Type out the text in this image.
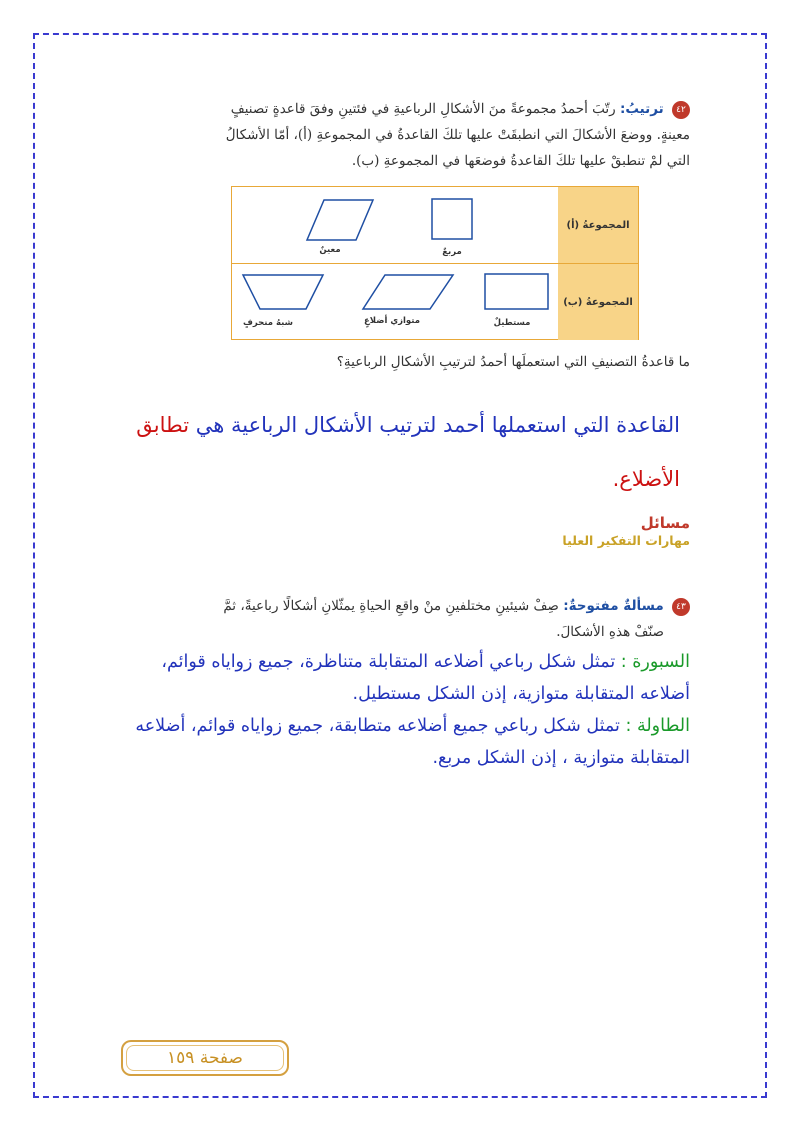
٤٢ ترتيبُ: رتّبَ أحمدُ مجموعةً منَ الأشكالِ الرباعيةِ في فئتينِ وفقَ قاعدةٍ تصنيفٍ
معينةٍ. ووضعَ الأشكالَ التي انطبقَتْ عليها تلكَ القاعدةُ في المجموعةِ (أ)، أمّا الأشكالُ
التي لمْ تنطبقْ عليها تلكَ القاعدةُ فوضعَها في المجموعةِ (ب).
المجموعةُ (أ)
مربعٌ
معينٌ
المجموعةُ (ب)
مستطيلٌ
متوازي أضلاعٍ
شبهُ منحرفٍ
ما قاعدةُ التصنيفِ التي استعملَها أحمدُ لترتيبِ الأشكالِ الرباعيةِ؟
القاعدة التي استعملها أحمد لترتيب الأشكال الرباعية هي تطابق الأضلاع.
مسائل
مهارات التفكير العليا
٤٣ مسألةٌ مفتوحةٌ: صِفْ شيئينِ مختلفينِ منْ واقعِ الحياةِ يمثّلانِ أشكالًا رباعيةً، ثمَّ
صنّفْ هذهِ الأشكالَ.
السبورة : تمثل شكل رباعي أضلاعه المتقابلة متناظرة، جميع زواياه قوائم، أضلاعه المتقابلة متوازية، إذن الشكل مستطيل.
الطاولة : تمثل شكل رباعي جميع أضلاعه متطابقة، جميع زواياه قوائم، أضلاعه المتقابلة متوازية ، إذن الشكل مربع.
صفحة ١٥٩
